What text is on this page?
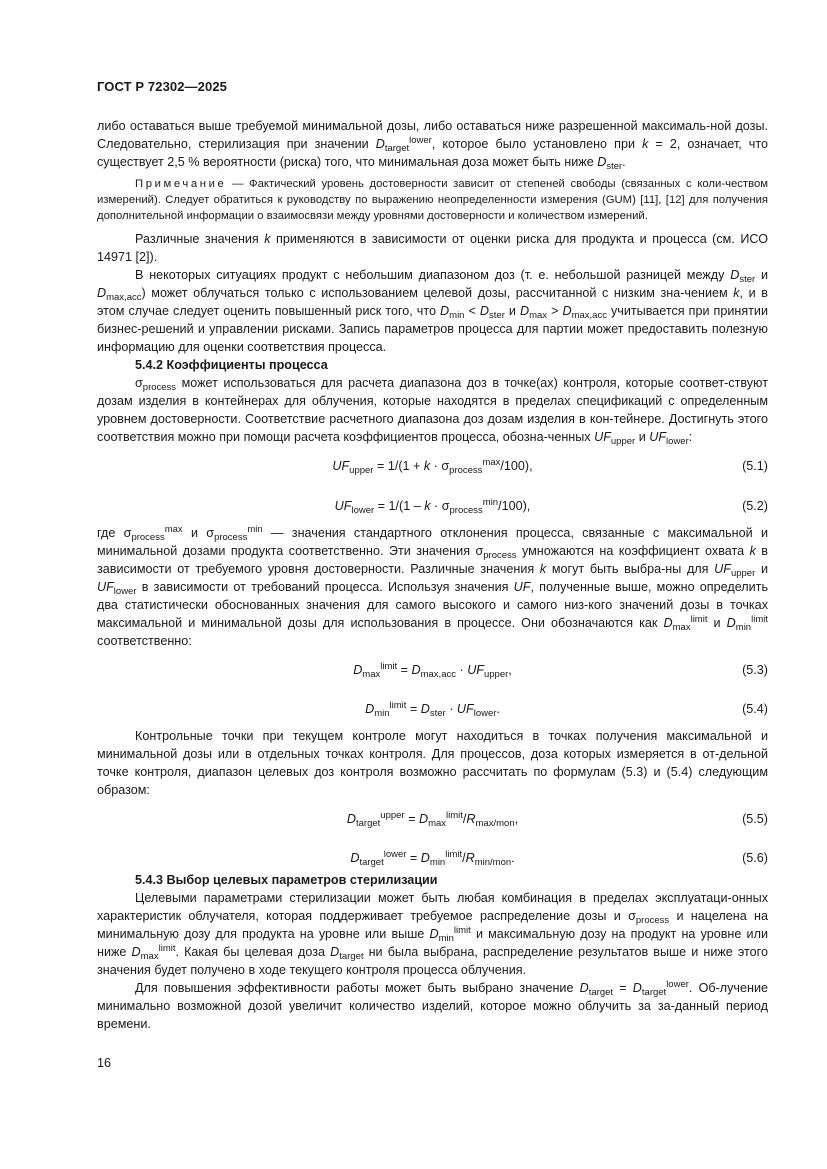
ГОСТ Р 72302—2025

либо оставаться выше требуемой минимальной дозы, либо оставаться ниже разрешенной максималь-ной дозы. Следовательно, стерилизация при значении $D_{target}^{lower}$, которое было установлено при k = 2, означает, что существует 2,5 % вероятности (риска) того, что минимальная доза может быть ниже $D_{ster}$.

Примечание — Фактический уровень достоверности зависит от степеней свободы (связанных с коли-чеством измерений). Следует обратиться к руководству по выражению неопределенности измерения (GUM) [11], [12] для получения дополнительной информации о взаимосвязи между уровнями достоверности и количеством измерений.

Различные значения k применяются в зависимости от оценки риска для продукта и процесса (см. ИСО 14971 [2]).

В некоторых ситуациях продукт с небольшим диапазоном доз (т. е. небольшой разницей между $D_{ster}$ и $D_{max,acc}$) может облучаться только с использованием целевой дозы, рассчитанной с низким зна-чением k, и в этом случае следует оценить повышенный риск того, что $D_{min} < D_{ster}$ и $D_{max} > D_{max,acc}$ учитывается при принятии бизнес-решений и управлении рисками. Запись параметров процесса для партии может предоставить полезную информацию для оценки соответствия процесса.

5.4.2 Коэффициенты процесса

$\sigma_{process}$ может использоваться для расчета диапазона доз в точке(ах) контроля, которые соответ-ствуют дозам изделия в контейнерах для облучения, которые находятся в пределах спецификаций с определенным уровнем достоверности. Соответствие расчетного диапазона доз дозам изделия в кон-тейнере. Достигнуть этого соответствия можно при помощи расчета коэффициентов процесса, обозна-ченных $UF_{upper}$ и $UF_{lower}$:

$UF_{upper} = 1/(1 + k \cdot \sigma_{process}^{max}/100)$,	(5.1)

$UF_{lower} = 1/(1 - k \cdot \sigma_{process}^{min}/100)$,	(5.2)

где $\sigma_{process}^{max}$ и $\sigma_{process}^{min}$ — значения стандартного отклонения процесса, связанные с максимальной и минимальной дозами продукта соответственно. Эти значения $\sigma_{process}$ умножаются на коэффициент охвата k в зависимости от требуемого уровня достоверности. Различные значения k могут быть выбра-ны для $UF_{upper}$ и $UF_{lower}$ в зависимости от требований процесса. Используя значения UF, полученные выше, можно определить два статистически обоснованных значения для самого высокого и самого низ-кого значений дозы в точках максимальной и минимальной дозы для использования в процессе. Они обозначаются как $D_{max}^{limit}$ и $D_{min}^{limit}$ соответственно:

$D_{max}^{limit} = D_{max,acc} \cdot UF_{upper}$,	(5.3)

$D_{min}^{limit} = D_{ster} \cdot UF_{lower}$.	(5.4)

Контрольные точки при текущем контроле могут находиться в точках получения максимальной и минимальной дозы или в отдельных точках контроля. Для процессов, доза которых измеряется в от-дельной точке контроля, диапазон целевых доз контроля возможно рассчитать по формулам (5.3) и (5.4) следующим образом:

$D_{target}^{upper} = D_{max}^{limit}/R_{max/mon}$,	(5.5)

$D_{target}^{lower} = D_{min}^{limit}/R_{min/mon}$.	(5.6)

5.4.3 Выбор целевых параметров стерилизации

Целевыми параметрами стерилизации может быть любая комбинация в пределах эксплуатаци-онных характеристик облучателя, которая поддерживает требуемое распределение дозы и $\sigma_{process}$ и нацелена на минимальную дозу для продукта на уровне или выше $D_{min}^{limit}$ и максимальную дозу на продукт на уровне или ниже $D_{max}^{limit}$. Какая бы целевая доза $D_{target}$ ни была выбрана, распределение результатов выше и ниже этого значения будет получено в ходе текущего контроля процесса облучения.

Для повышения эффективности работы может быть выбрано значение $D_{target} = D_{target}^{lower}$. Об-лучение минимально возможной дозой увеличит количество изделий, которое можно облучить за за-данный период времени.

16
